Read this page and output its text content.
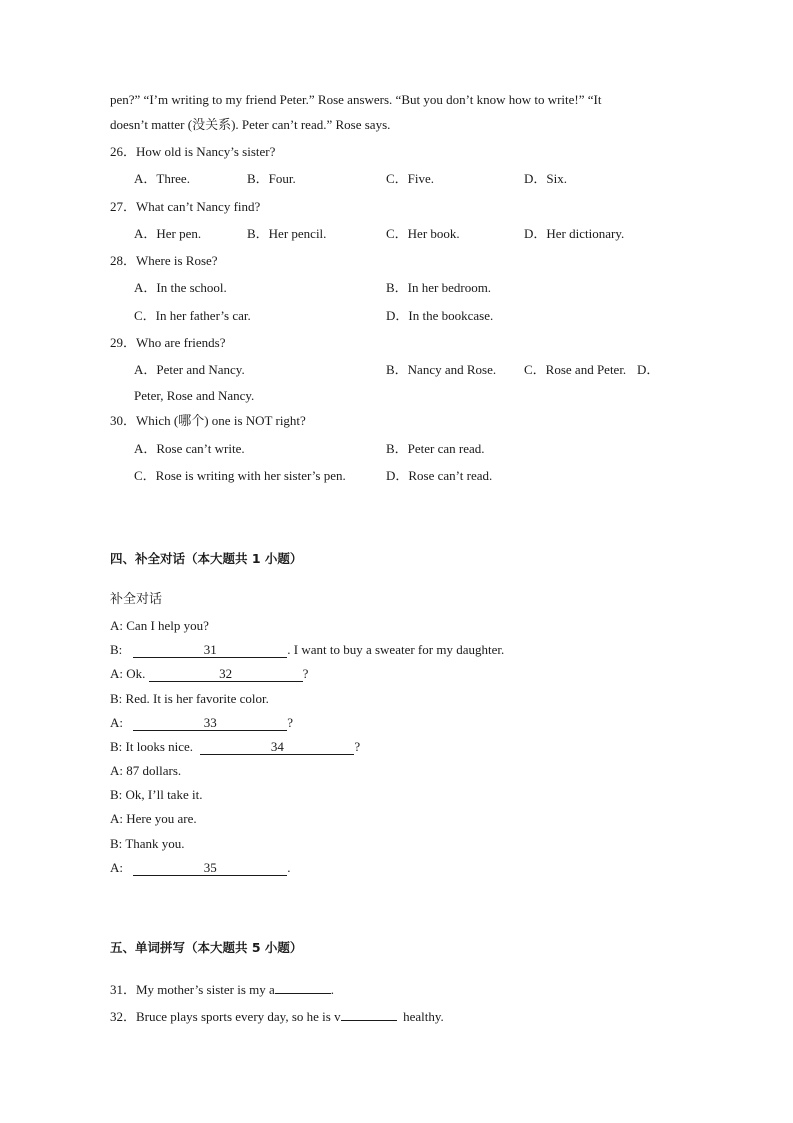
pen?” “I’m writing to my friend Peter.” Rose answers. “But you don’t know how to write!” “It
doesn’t matter (没关系). Peter can’t read.” Rose says.
26．How old is Nancy’s sister?
A．Three.	B．Four.	C．Five.	D．Six.
27．What can’t Nancy find?
A．Her pen.	B．Her pencil.	C．Her book.	D．Her dictionary.
28．Where is Rose?
A．In the school.	B．In her bedroom.
C．In her father’s car.	D．In the bookcase.
29．Who are friends?
A．Peter and Nancy.	B．Nancy and Rose. C．Rose and Peter. D．
Peter, Rose and Nancy.
30．Which (哪个) one is NOT right?
A．Rose can’t write.	B．Peter can read.
C．Rose is writing with her sister’s pen.	D．Rose can’t read.
四、补全对话（本大题共 1 小题）
补全对话
A: Can I help you?
B:	31	. I want to buy a sweater for my daughter.
A: Ok.	32	?
B: Red. It is her favorite color.
A:	33	?
B: It looks nice.	34	?
A: 87 dollars.
B: Ok, I’ll take it.
A: Here you are.
B: Thank you.
A:	35	.
五、单词拼写（本大题共 5 小题）
31．My mother’s sister is my a	.
32．Bruce plays sports every day, so he is v	healthy.
